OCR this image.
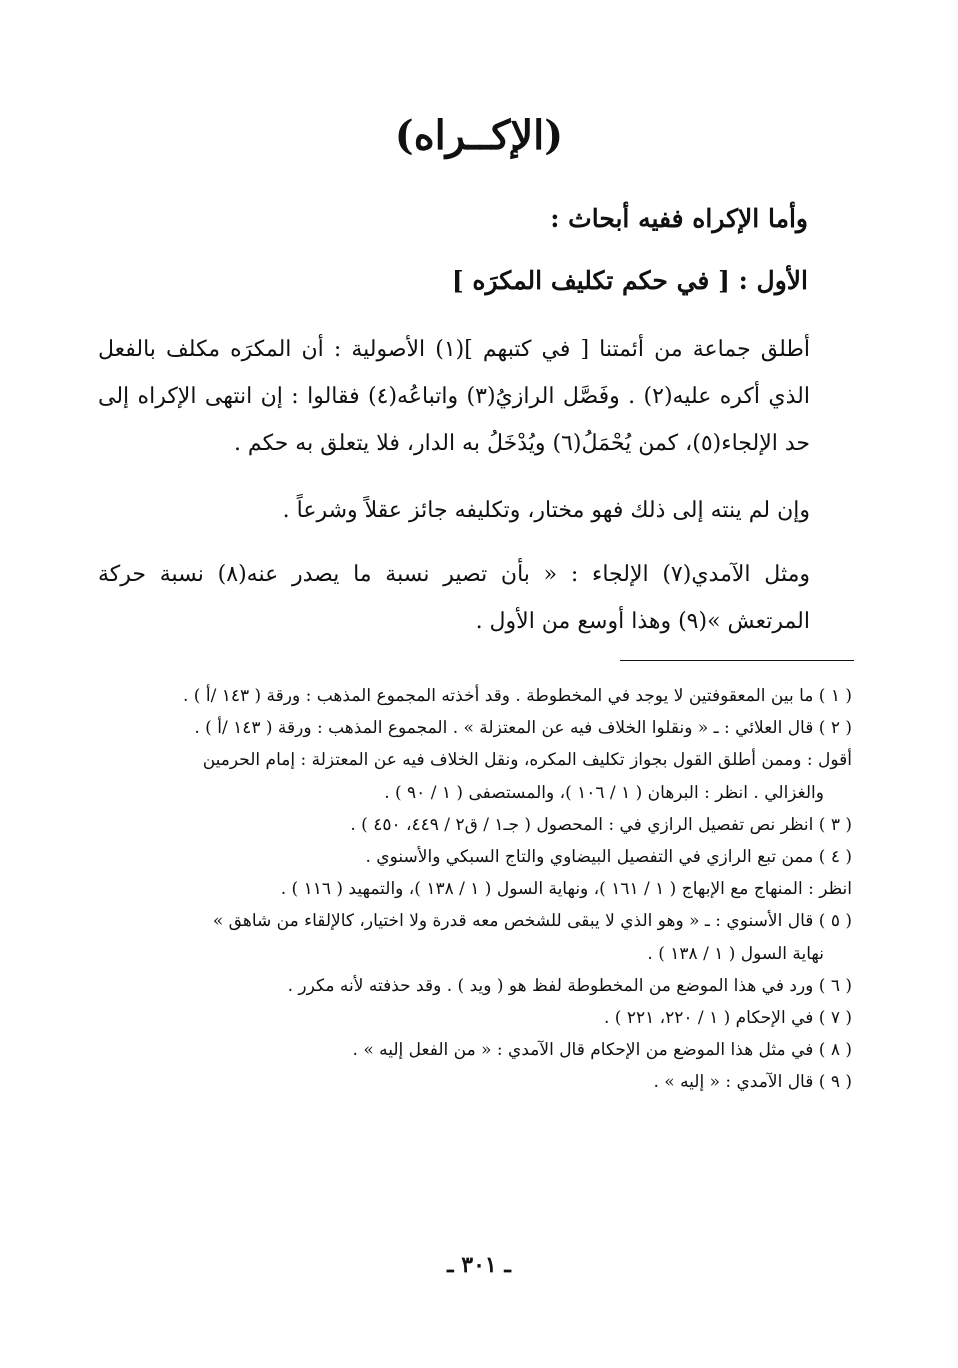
(الإكــراه)
وأما الإكراه ففيه أبحاث :
الأول : [ في حكم تكليف المكرَه ]

أطلق جماعة من أئمتنا [ في كتبهم ](١) الأصولية : أن المكرَه مكلف بالفعل الذي أكره عليه(٢) . وفَصَّل الرازيُ(٣) واتباعُه(٤) فقالوا : إن انتهى الإكراه إلى حد الإلجاء(٥)، كمن يُحْمَلُ(٦) ويُدْخَلُ به الدار، فلا يتعلق به حكم .

وإن لم ينته إلى ذلك فهو مختار، وتكليفه جائز عقلاً وشرعاً .

ومثل الآمدي(٧) الإلجاء : « بأن تصير نسبة ما يصدر عنه(٨) نسبة حركة المرتعش »(٩) وهذا أوسع من الأول .

( ١ ) ما بين المعقوفتين لا يوجد في المخطوطة . وقد أخذته المجموع المذهب : ورقة ( ١٤٣ /أ ) .

( ٢ ) قال العلائي : ـ « ونقلوا الخلاف فيه عن المعتزلة » . المجموع المذهب : ورقة ( ١٤٣ /أ ) .

أقول : وممن أطلق القول بجواز تكليف المكره، ونقل الخلاف فيه عن المعتزلة : إمام الحرمين

والغزالي . انظر : البرهان ( ١ / ١٠٦ )، والمستصفى ( ١ / ٩٠ ) .

( ٣ ) انظر نص تفصيل الرازي في : المحصول ( جـ١ / ق٢ / ٤٤٩، ٤٥٠ ) .

( ٤ ) ممن تبع الرازي في التفصيل البيضاوي والتاج السبكي والأسنوي .

انظر : المنهاج مع الإبهاج ( ١ / ١٦١ )، ونهاية السول ( ١ / ١٣٨ )، والتمهيد ( ١١٦ ) .

( ٥ ) قال الأسنوي : ـ « وهو الذي لا يبقى للشخص معه قدرة ولا اختيار، كالإلقاء من شاهق »

نهاية السول ( ١ / ١٣٨ ) .

( ٦ ) ورد في هذا الموضع من المخطوطة لفظ هو ( ويد ) . وقد حذفته لأنه مكرر .

( ٧ ) في الإحكام ( ١ / ٢٢٠، ٢٢١ ) .

( ٨ ) في مثل هذا الموضع من الإحكام قال الآمدي : « من الفعل إليه » .

( ٩ ) قال الآمدي : « إليه » .

ـ ٣٠١ ـ
